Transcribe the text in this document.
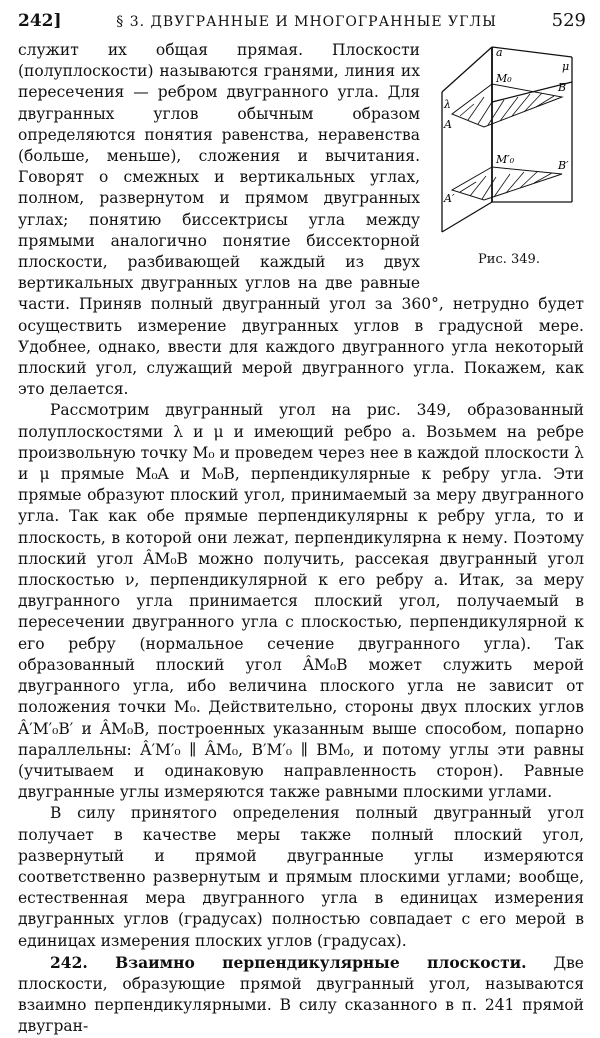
242]	§ 3. ДВУГРАННЫЕ И МНОГОГРАННЫЕ УГЛЫ	529
a
μ
λ
M₀
B
A
M′₀	B′
A′
Рис. 349.

служит их общая прямая. Плоскости (полуплоскости) называются гранями, линия их пересечения — ребром двугранного угла. Для двугранных углов обычным образом определяются понятия равенства, неравенства (больше, меньше), сложения и вычитания. Говорят о смежных и вертикальных углах, полном, развернутом и прямом двугранных углах; понятию биссектрисы угла между прямыми аналогично понятие биссекторной плоскости, разбивающей каждый из двух вертикальных двугранных углов на две равные части. Приняв полный двугранный угол за 360°, нетрудно будет осуществить измерение двугранных углов в градусной мере. Удобнее, однако, ввести для каждого двугранного угла некоторый плоский угол, служащий мерой двугранного угла. Покажем, как это делается.

Рассмотрим двугранный угол на рис. 349, образованный полуплоскостями λ и μ и имеющий ребро a. Возьмем на ребре произвольную точку M₀ и проведем через нее в каждой плоскости λ и μ прямые M₀A и M₀B, перпендикулярные к ребру угла. Эти прямые образуют плоский угол, принимаемый за меру двугранного угла. Так как обе прямые перпендикулярны к ребру угла, то и плоскость, в которой они лежат, перпендикулярна к нему. Поэтому плоский угол ÂM₀B можно получить, рассекая двугранный угол плоскостью ν, перпендикулярной к его ребру a. Итак, за меру двугранного угла принимается плоский угол, получаемый в пересечении двугранного угла с плоскостью, перпендикулярной к его ребру (нормальное сечение двугранного угла). Так образованный плоский угол ÂM₀B может служить мерой двугранного угла, ибо величина плоского угла не зависит от положения точки M₀. Действительно, стороны двух плоских углов Â′M′₀B′ и ÂM₀B, построенных указанным выше способом, попарно параллельны: Â′M′₀ ∥ ÂM₀, B′M′₀ ∥ BM₀, и потому углы эти равны (учитываем и одинаковую направленность сторон). Равные двугранные углы измеряются также равными плоскими углами.

В силу принятого определения полный двугранный угол получает в качестве меры также полный плоский угол, развернутый и прямой двугранные углы измеряются соответственно развернутым и прямым плоскими углами; вообще, естественная мера двугранного угла в единицах измерения двугранных углов (градусах) полностью совпадает с его мерой в единицах измерения плоских углов (градусах).

242. Взаимно перпендикулярные плоскости. Две плоскости, образующие прямой двугранный угол, называются взаимно перпендикулярными. В силу сказанного в п. 241 прямой двугран-
